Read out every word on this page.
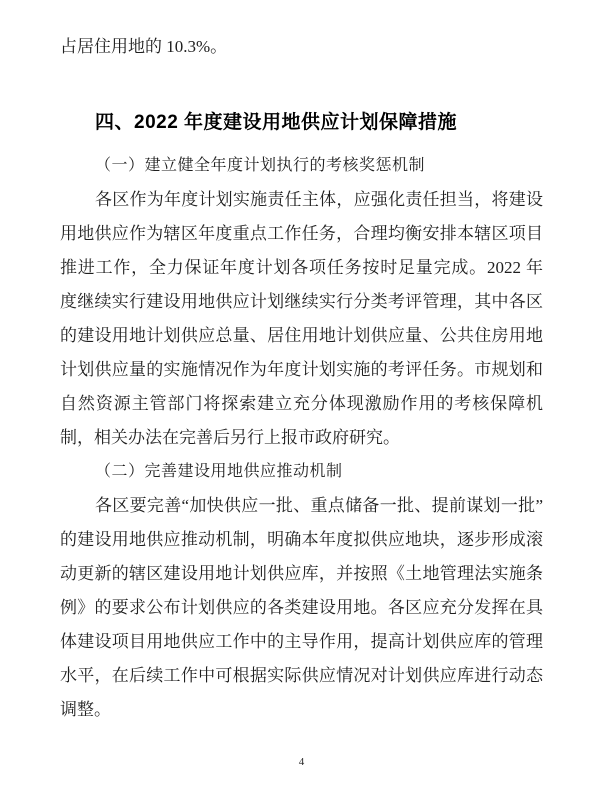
占居住用地的 10.3%。
四、2022 年度建设用地供应计划保障措施
（一）建立健全年度计划执行的考核奖惩机制
各区作为年度计划实施责任主体，应强化责任担当，将建设
用地供应作为辖区年度重点工作任务，合理均衡安排本辖区项目
推进工作，全力保证年度计划各项任务按时足量完成。2022 年
度继续实行建设用地供应计划继续实行分类考评管理，其中各区
的建设用地计划供应总量、居住用地计划供应量、公共住房用地
计划供应量的实施情况作为年度计划实施的考评任务。市规划和
自然资源主管部门将探索建立充分体现激励作用的考核保障机
制，相关办法在完善后另行上报市政府研究。
（二）完善建设用地供应推动机制
各区要完善“加快供应一批、重点储备一批、提前谋划一批”
的建设用地供应推动机制，明确本年度拟供应地块，逐步形成滚
动更新的辖区建设用地计划供应库，并按照《土地管理法实施条
例》的要求公布计划供应的各类建设用地。各区应充分发挥在具
体建设项目用地供应工作中的主导作用，提高计划供应库的管理
水平，在后续工作中可根据实际供应情况对计划供应库进行动态
调整。
4
